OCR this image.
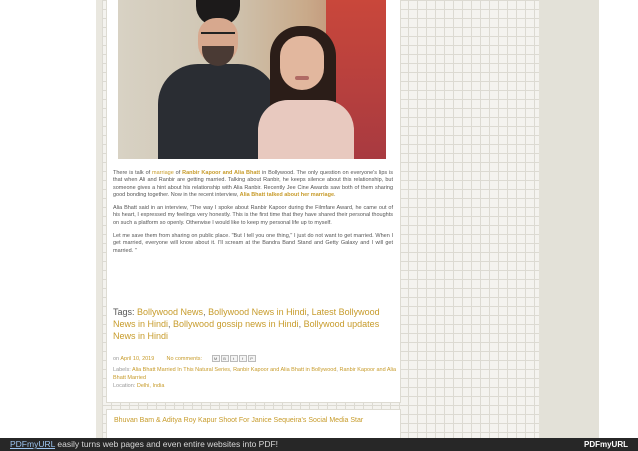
There is talk of marriage of Ranbir Kapoor and Alia Bhatt in Bollywood. The only question on everyone's lips is that when Ali and Ranbir are getting married. Talking about Ranbir, he keeps silence about this relationship, but someone gives a hint about his relationship with Alia Ranbir. Recently Jee Cine Awards saw both of them sharing good bonding together. Now in the recent interview, Alia Bhatt talked about her marriage.

Alia Bhatt said in an interview, "The way I spoke about Ranbir Kapoor during the Filmfare Award, he came out of his heart, I expressed my feelings very honestly. This is the first time that they have shared their personal thoughts on such a platform so openly. Otherwise I would like to keep my personal life up to myself.

Let me save them from sharing on public place. "But I tell you one thing," I just do not want to get married. When I get married, everyone will know about it. I'll scream at the Bandra Band Stand and Getty Galaxy and I will get married. "

Tags: Bollywood News, Bollywood News in Hindi, Latest Bollywood News in Hindi, Bollywood gossip news in Hindi, Bollywood updates News in Hindi
on April 10, 2019 No comments:	M	B	t	f	P
Labels: Alia Bhatt Married In This Natural Series, Ranbir Kapoor and Alia Bhatt in Bollywood, Ranbir Kapoor and Alia Bhatt Married
Location: Delhi, India
Bhuvan Bam & Aditya Roy Kapur Shoot For Janice Sequeira's Social Media Star
PDFmyURL easily turns web pages and even entire websites into PDF!	PDFmyURL
